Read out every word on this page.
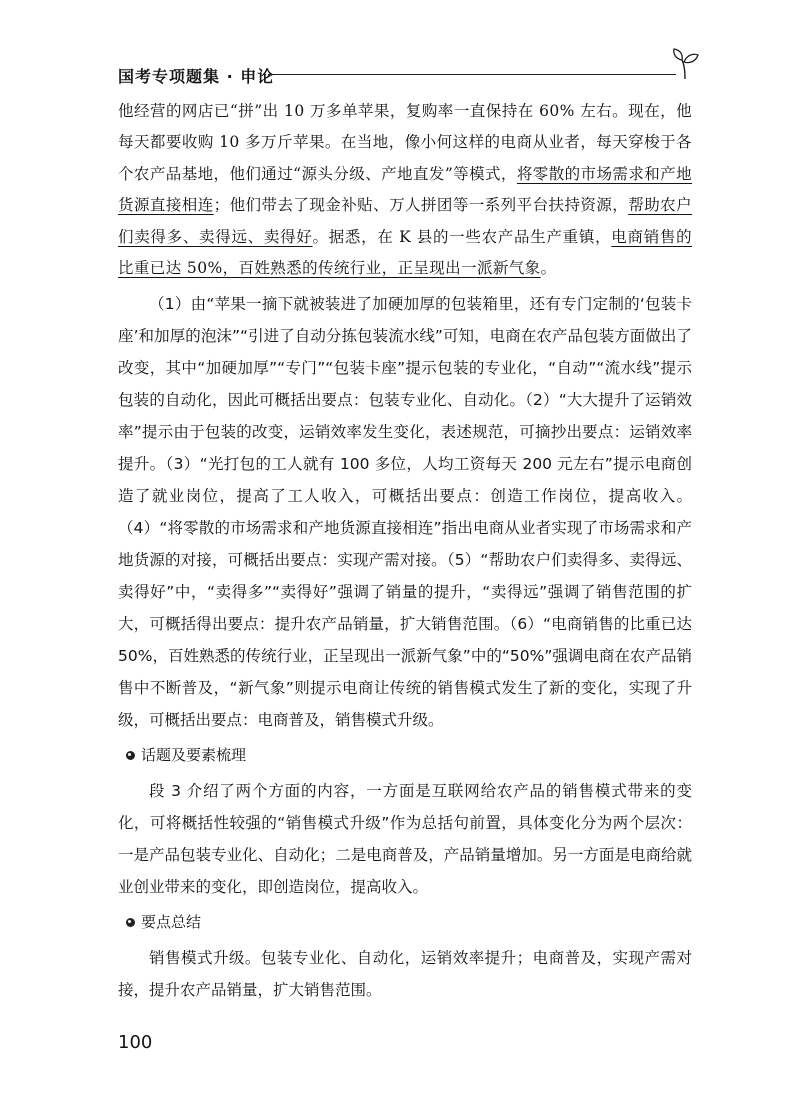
国考专项题集 · 申论

他经营的网店已“拼”出 10 万多单苹果，复购率一直保持在 60% 左右。现在，他每天都要收购 10 多万斤苹果。在当地，像小何这样的电商从业者，每天穿梭于各个农产品基地，他们通过“源头分级、产地直发”等模式，将零散的市场需求和产地货源直接相连；他们带去了现金补贴、万人拼团等一系列平台扶持资源，帮助农户们卖得多、卖得远、卖得好。据悉，在 K 县的一些农产品生产重镇，电商销售的比重已达 50%，百姓熟悉的传统行业，正呈现出一派新气象。

（1）由“苹果一摘下就被装进了加硬加厚的包装箱里，还有专门定制的‘包装卡座’和加厚的泡沫”“引进了自动分拣包装流水线”可知，电商在农产品包装方面做出了改变，其中“加硬加厚”“专门”“包装卡座”提示包装的专业化，“自动”“流水线”提示包装的自动化，因此可概括出要点：包装专业化、自动化。（2）“大大提升了运销效率”提示由于包装的改变，运销效率发生变化，表述规范，可摘抄出要点：运销效率提升。（3）“光打包的工人就有 100 多位，人均工资每天 200 元左右”提示电商创造了就业岗位，提高了工人收入，可概括出要点：创造工作岗位，提高收入。（4）“将零散的市场需求和产地货源直接相连”指出电商从业者实现了市场需求和产地货源的对接，可概括出要点：实现产需对接。（5）“帮助农户们卖得多、卖得远、卖得好”中，“卖得多”“卖得好”强调了销量的提升，“卖得远”强调了销售范围的扩大，可概括得出要点：提升农产品销量，扩大销售范围。（6）“电商销售的比重已达 50%，百姓熟悉的传统行业，正呈现出一派新气象”中的“50%”强调电商在农产品销售中不断普及，“新气象”则提示电商让传统的销售模式发生了新的变化，实现了升级，可概括出要点：电商普及，销售模式升级。

话题及要素梳理

段 3 介绍了两个方面的内容，一方面是互联网给农产品的销售模式带来的变化，可将概括性较强的“销售模式升级”作为总括句前置，具体变化分为两个层次：一是产品包装专业化、自动化；二是电商普及，产品销量增加。另一方面是电商给就业创业带来的变化，即创造岗位，提高收入。

要点总结

销售模式升级。包装专业化、自动化，运销效率提升；电商普及，实现产需对接，提升农产品销量，扩大销售范围。

100
